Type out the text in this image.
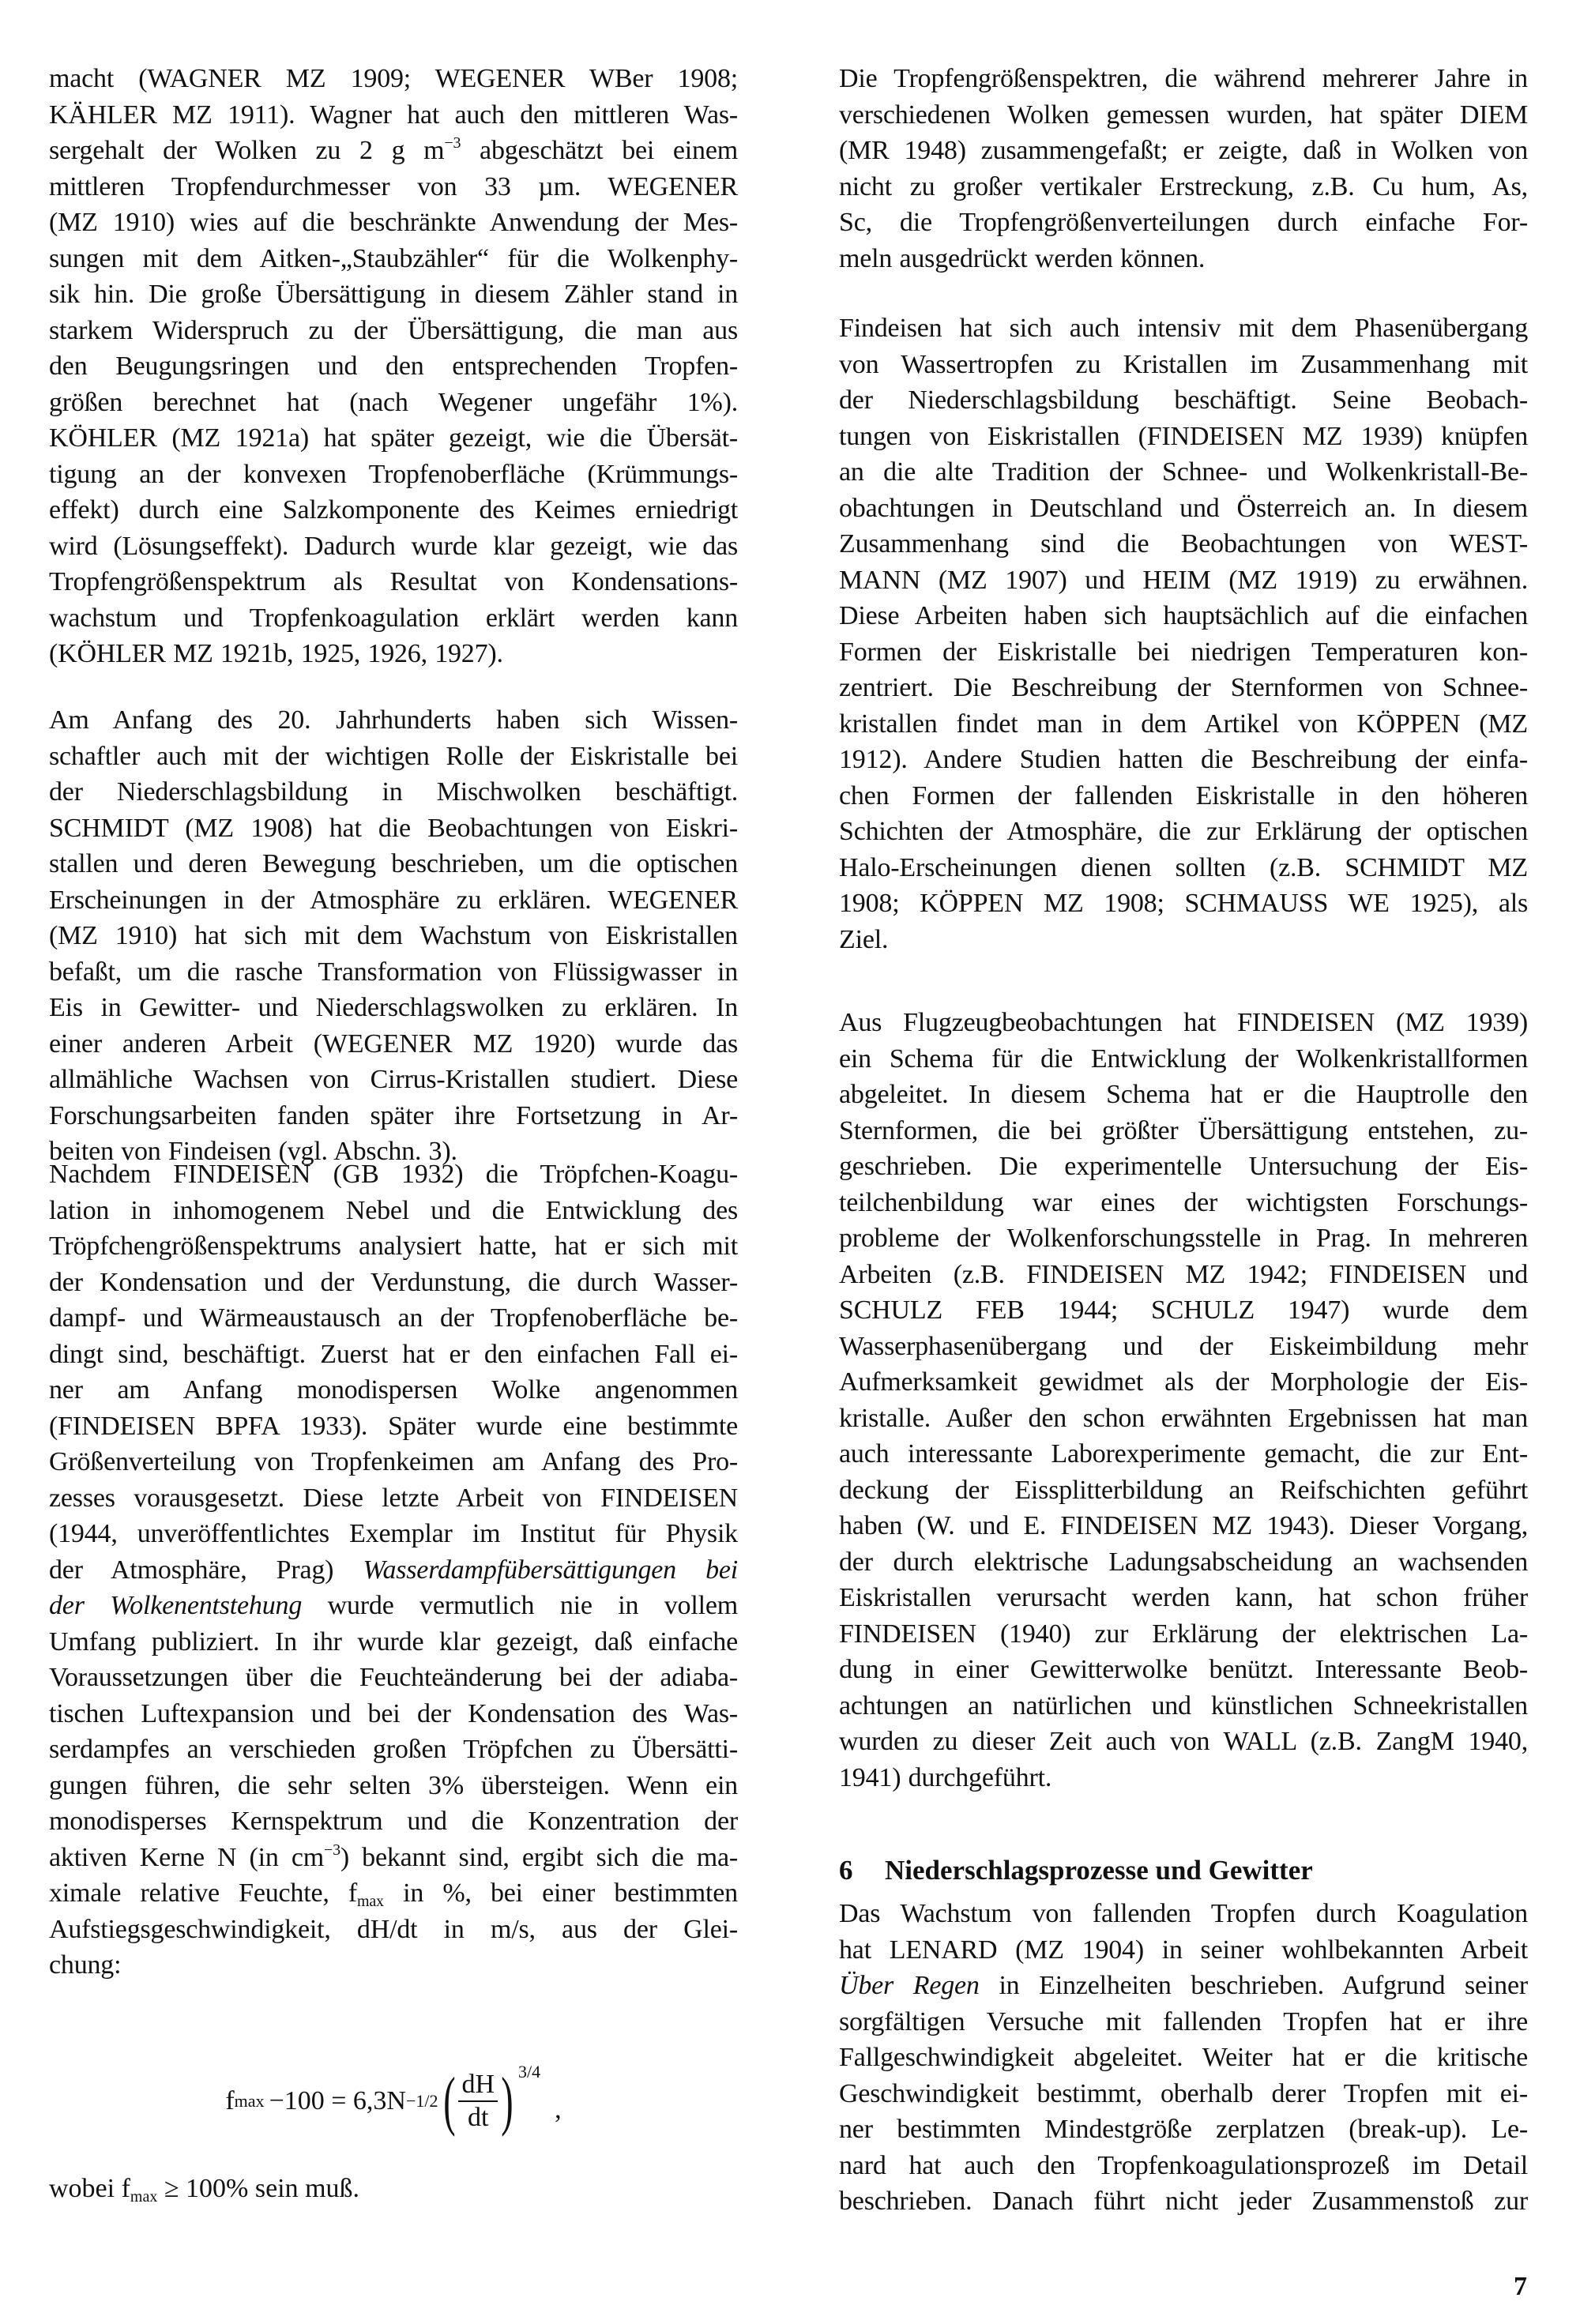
macht (WAGNER MZ 1909; WEGENER WBer 1908;
KÄHLER MZ 1911). Wagner hat auch den mittleren Was-
sergehalt der Wolken zu 2 g $m^{-3}$ abgeschätzt bei einem
mittleren Tropfendurchmesser von 33 µm. WEGENER
(MZ 1910) wies auf die beschränkte Anwendung der Mes-
sungen mit dem Aitken-„Staubzähler“ für die Wolkenphy-
sik hin. Die große Übersättigung in diesem Zähler stand in
starkem Widerspruch zu der Übersättigung, die man aus
den Beugungsringen und den entsprechenden Tropfen-
größen berechnet hat (nach Wegener ungefähr 1%).
KÖHLER (MZ 1921a) hat später gezeigt, wie die Übersät-
tigung an der konvexen Tropfenoberfläche (Krümmungs-
effekt) durch eine Salzkomponente des Keimes erniedrigt
wird (Lösungseffekt). Dadurch wurde klar gezeigt, wie das
Tropfengrößenspektrum als Resultat von Kondensations-
wachstum und Tropfenkoagulation erklärt werden kann
(KÖHLER MZ 1921b, 1925, 1926, 1927).
Am Anfang des 20. Jahrhunderts haben sich Wissen-
schaftler auch mit der wichtigen Rolle der Eiskristalle bei
der Niederschlagsbildung in Mischwolken beschäftigt.
SCHMIDT (MZ 1908) hat die Beobachtungen von Eiskri-
stallen und deren Bewegung beschrieben, um die optischen
Erscheinungen in der Atmosphäre zu erklären. WEGENER
(MZ 1910) hat sich mit dem Wachstum von Eiskristallen
befaßt, um die rasche Transformation von Flüssigwasser in
Eis in Gewitter- und Niederschlagswolken zu erklären. In
einer anderen Arbeit (WEGENER MZ 1920) wurde das
allmähliche Wachsen von Cirrus-Kristallen studiert. Diese
Forschungsarbeiten fanden später ihre Fortsetzung in Ar-
beiten von Findeisen (vgl. Abschn. 3).
Nachdem FINDEISEN (GB 1932) die Tröpfchen-Koagu-
lation in inhomogenem Nebel und die Entwicklung des
Tröpfchengrößenspektrums analysiert hatte, hat er sich mit
der Kondensation und der Verdunstung, die durch Wasser-
dampf- und Wärmeaustausch an der Tropfenoberfläche be-
dingt sind, beschäftigt. Zuerst hat er den einfachen Fall ei-
ner am Anfang monodispersen Wolke angenommen
(FINDEISEN BPFA 1933). Später wurde eine bestimmte
Größenverteilung von Tropfenkeimen am Anfang des Pro-
zesses vorausgesetzt. Diese letzte Arbeit von FINDEISEN
(1944, unveröffentlichtes Exemplar im Institut für Physik
der Atmosphäre, Prag) Wasserdampfübersättigungen bei
der Wolkenentstehung wurde vermutlich nie in vollem
Umfang publiziert. In ihr wurde klar gezeigt, daß einfache
Voraussetzungen über die Feuchteänderung bei der adiaba-
tischen Luftexpansion und bei der Kondensation des Was-
serdampfes an verschieden großen Tröpfchen zu Übersätti-
gungen führen, die sehr selten 3% übersteigen. Wenn ein
monodisperses Kernspektrum und die Konzentration der
aktiven Kerne N (in $cm^{-3}$) bekannt sind, ergibt sich die ma-
ximale relative Feuchte, fmax in %, bei einer bestimmten
Aufstiegsgeschwindigkeit, dH/dt in m/s, aus der Glei-
chung:
f max −100 = 6,3N −1/2 ( $\frac{dH}{dt}$ ) 3/4
,
wobei fmax ≥ 100% sein muß.
Die Tropfengrößenspektren, die während mehrerer Jahre in
verschiedenen Wolken gemessen wurden, hat später DIEM
(MR 1948) zusammengefaßt; er zeigte, daß in Wolken von
nicht zu großer vertikaler Erstreckung, z.B. Cu hum, As,
Sc, die Tropfengrößenverteilungen durch einfache For-
meln ausgedrückt werden können.
Findeisen hat sich auch intensiv mit dem Phasenübergang
von Wassertropfen zu Kristallen im Zusammenhang mit
der Niederschlagsbildung beschäftigt. Seine Beobach-
tungen von Eiskristallen (FINDEISEN MZ 1939) knüpfen
an die alte Tradition der Schnee- und Wolkenkristall-Be-
obachtungen in Deutschland und Österreich an. In diesem
Zusammenhang sind die Beobachtungen von WEST-
MANN (MZ 1907) und HEIM (MZ 1919) zu erwähnen.
Diese Arbeiten haben sich hauptsächlich auf die einfachen
Formen der Eiskristalle bei niedrigen Temperaturen kon-
zentriert. Die Beschreibung der Sternformen von Schnee-
kristallen findet man in dem Artikel von KÖPPEN (MZ
1912). Andere Studien hatten die Beschreibung der einfa-
chen Formen der fallenden Eiskristalle in den höheren
Schichten der Atmosphäre, die zur Erklärung der optischen
Halo-Erscheinungen dienen sollten (z.B. SCHMIDT MZ
1908; KÖPPEN MZ 1908; SCHMAUSS WE 1925), als
Ziel.
Aus Flugzeugbeobachtungen hat FINDEISEN (MZ 1939)
ein Schema für die Entwicklung der Wolkenkristallformen
abgeleitet. In diesem Schema hat er die Hauptrolle den
Sternformen, die bei größter Übersättigung entstehen, zu-
geschrieben. Die experimentelle Untersuchung der Eis-
teilchenbildung war eines der wichtigsten Forschungs-
probleme der Wolkenforschungsstelle in Prag. In mehreren
Arbeiten (z.B. FINDEISEN MZ 1942; FINDEISEN und
SCHULZ FEB 1944; SCHULZ 1947) wurde dem
Wasserphasenübergang und der Eiskeimbildung mehr
Aufmerksamkeit gewidmet als der Morphologie der Eis-
kristalle. Außer den schon erwähnten Ergebnissen hat man
auch interessante Laborexperimente gemacht, die zur Ent-
deckung der Eissplitterbildung an Reifschichten geführt
haben (W. und E. FINDEISEN MZ 1943). Dieser Vorgang,
der durch elektrische Ladungsabscheidung an wachsenden
Eiskristallen verursacht werden kann, hat schon früher
FINDEISEN (1940) zur Erklärung der elektrischen La-
dung in einer Gewitterwolke benützt. Interessante Beob-
achtungen an natürlichen und künstlichen Schneekristallen
wurden zu dieser Zeit auch von WALL (z.B. ZangM 1940,
1941) durchgeführt.
6 Niederschlagsprozesse und Gewitter
Das Wachstum von fallenden Tropfen durch Koagulation
hat LENARD (MZ 1904) in seiner wohlbekannten Arbeit
Über Regen in Einzelheiten beschrieben. Aufgrund seiner
sorgfältigen Versuche mit fallenden Tropfen hat er ihre
Fallgeschwindigkeit abgeleitet. Weiter hat er die kritische
Geschwindigkeit bestimmt, oberhalb derer Tropfen mit ei-
ner bestimmten Mindestgröße zerplatzen (break-up). Le-
nard hat auch den Tropfenkoagulationsprozeß im Detail
beschrieben. Danach führt nicht jeder Zusammenstoß zur
7
